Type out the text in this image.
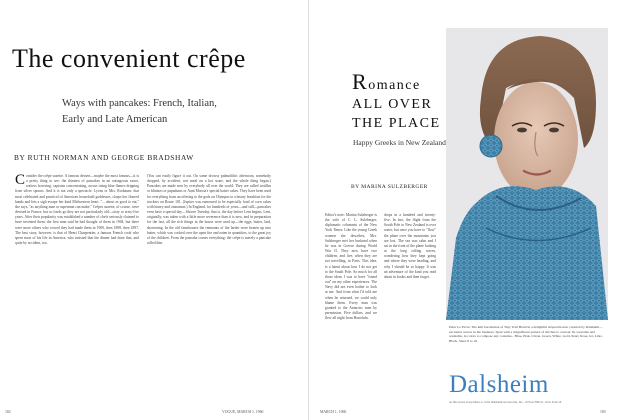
The convenient crêpe
Ways with pancakes: French, Italian,
Early and Late American
BY RUTH NORMAN AND GEORGE BRADSHAW
Consider the crêpe suzette. A famous dessert—maybe the most famous—it is a pretty thing to see: the thinnest of pancakes in an outrageous sauce, waiters hovering, captains concentrating, across rising blue flames dripping from silver spoons. And it is not only a spectacle. Lyons or Mrs. Rorbaum: that most celebrated and practical of American household goddesses, clasps her floured hands and lets a sigh escape her kind Midwestern heart. "... about as good to eat," she says, "as anything man or superman can make." Crêpes suzette, of course, were devised in France, but so foods go they are not particularly old—sixty or sixty-five years. After their popularity was established a number of chefs seriously claimed to have invented them: the first man said he had thought of them in 1904, but there were more others who vowed they had made them in 1900, then 1898, then 1897. The best story, however, is that of Henri Charpentier, a famous French cook who spent most of his life in America, who insisted that the dinner had done that, and quite by accident, too.
(You can easily figure it out. On some drowsy palmolithic afternoon, somebody dropped, by accident, wet meal on a hot stone, and the whole thing began.) Pancakes are made now by everybody all over the world. They are called tortillas or blintzes or papadums or Aunt Marcia's special batter cakes. They have been used for everything from an offering to the gods on Olympus to a hearty breakfast for the truckers on Route 101. (Jupiter was rumoured to be especially fond of corn cakes with honey and cinnamon.) In England, for hundreds of years—and still—pancakes even have a special day—Shrove Tuesday, that is, the day before Lent begins. Lent, originally, was taken with a little more reverence than it is now, and in preparation for the fast, all the rich things in the house were used up—the eggs, butter, lard, shortening. In the old farmhouses the remnants of the larder were beaten up into batter, which was cooked over the open fire and eaten in quantities, to the great joy of the children. From the pancake comes everything: the crêpe is merely a pancake rolled thin.
182	VOGUE, MARCH 1, 1960
Romance
ALL OVER
THE PLACE
Happy Greeks in New Zealand
BY MARINA SULZBERGER
Editor's note: Marina Sulzberger is the wife of C. L. Sulzberger, diplomatic columnist of the New York Times. Like the young Greek women she describes, Mrs. Sulzberger met her husband when he was in Greece during World War II. They now have two children, and live, when they are not travelling, in Paris. This idea, is a latent about how I do not get to the South Pole. So much for all those ideas I was to have "found out" on my other experiences. The Navy did not even bother to look at me. And from what I'd told me when he returned, we could only blame them. Every man was granted to the Antarctic men by permission. Five dollars, and we flew all night from Honolulu.
drops in a hundred and twenty-five. In fact, the flight from the South Pole to New Zealand is over water, but once you have to "flow" the plane over the mountains you are lost. The sea was calm and I sat in the front of the plane looking at the long rolling waves, wondering how they kept going and where they were heading, and why I should be so happy. It was an adventure of the kind you read about in books and then forget.
Peter Le Fevre: The knit fascination of Tiny Trail Braid in a delightful striped mosaic creation by Dalsheim—exclusive source in the business. Spun with a magnificent pattern of stitches to contour fit, wearable and washable, in colors to compose any costume... Blue, Pink, Citron, Green, White, Gold, Pearl, Rose, Jet, Lilac, Black. Sizes 8 to 16.
Dalsheim
At fine stores everywhere or write Dalsheim Accessories, Inc., 10 East 39th St., New York 16
MARCH 1, 1960	183
